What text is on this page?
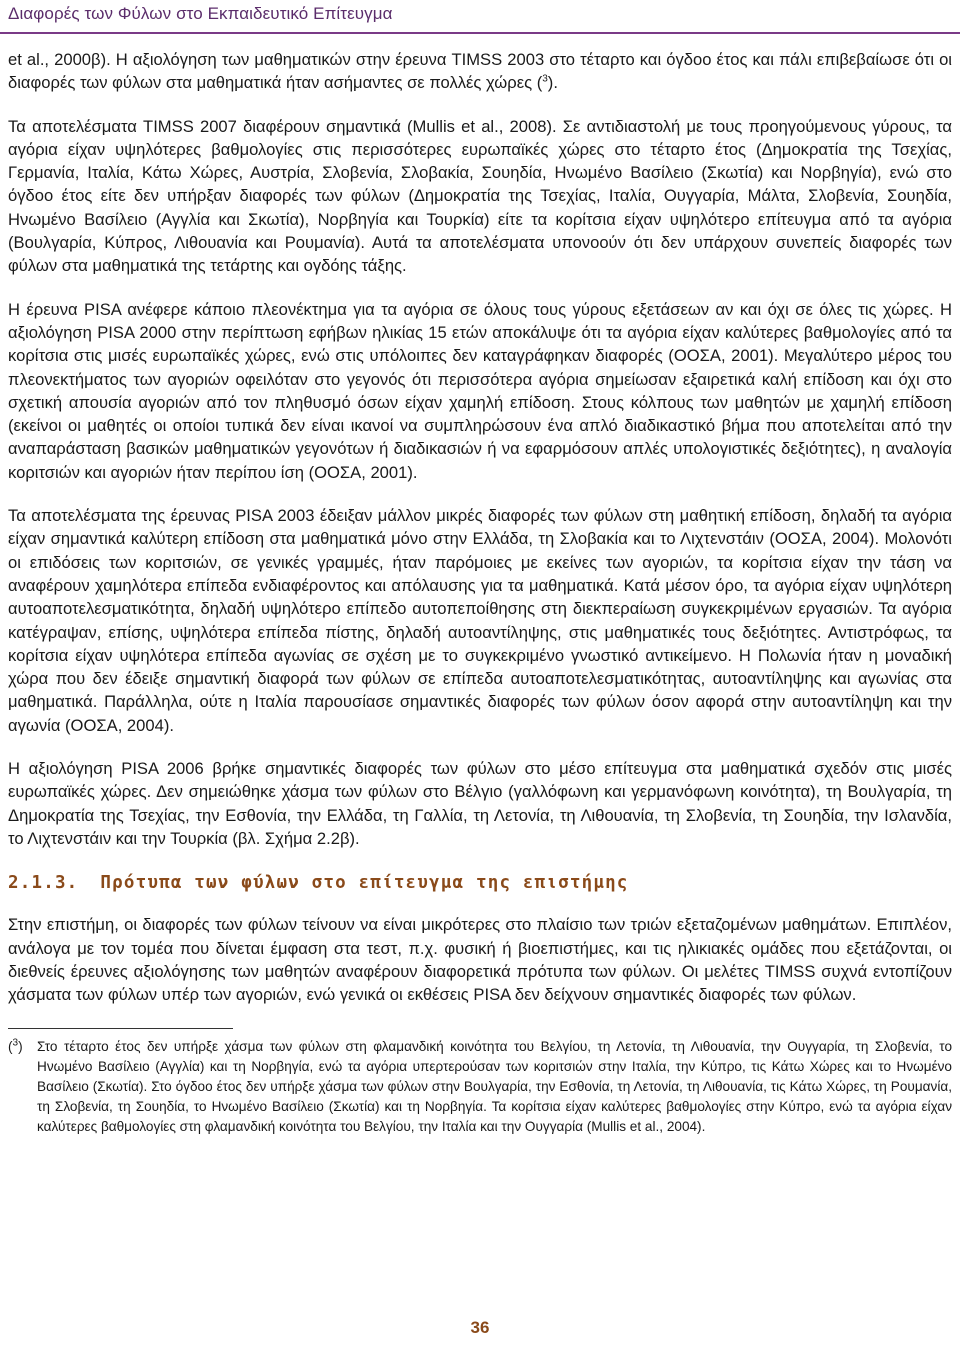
Διαφορές των Φύλων στο Εκπαιδευτικό Επίτευγμα

et al., 2000β). Η αξιολόγηση των μαθηματικών στην έρευνα TIMSS 2003 στο τέταρτο και όγδοο έτος και πάλι επιβεβαίωσε ότι οι διαφορές των φύλων στα μαθηματικά ήταν ασήμαντες σε πολλές χώρες ($^3$).

Τα αποτελέσματα TIMSS 2007 διαφέρουν σημαντικά (Mullis et al., 2008). Σε αντιδιαστολή με τους προηγούμενους γύρους, τα αγόρια είχαν υψηλότερες βαθμολογίες στις περισσότερες ευρωπαϊκές χώρες στο τέταρτο έτος (Δημοκρατία της Τσεχίας, Γερμανία, Ιταλία, Κάτω Χώρες, Αυστρία, Σλοβενία, Σλοβακία, Σουηδία, Ηνωμένο Βασίλειο (Σκωτία) και Νορβηγία), ενώ στο όγδοο έτος είτε δεν υπήρξαν διαφορές των φύλων (Δημοκρατία της Τσεχίας, Ιταλία, Ουγγαρία, Μάλτα, Σλοβενία, Σουηδία, Ηνωμένο Βασίλειο (Αγγλία και Σκωτία), Νορβηγία και Τουρκία) είτε τα κορίτσια είχαν υψηλότερο επίτευγμα από τα αγόρια (Βουλγαρία, Κύπρος, Λιθουανία και Ρουμανία). Αυτά τα αποτελέσματα υπονοούν ότι δεν υπάρχουν συνεπείς διαφορές των φύλων στα μαθηματικά της τετάρτης και ογδόης τάξης.

Η έρευνα PISA ανέφερε κάποιο πλεονέκτημα για τα αγόρια σε όλους τους γύρους εξετάσεων αν και όχι σε όλες τις χώρες. Η αξιολόγηση PISA 2000 στην περίπτωση εφήβων ηλικίας 15 ετών αποκάλυψε ότι τα αγόρια είχαν καλύτερες βαθμολογίες από τα κορίτσια στις μισές ευρωπαϊκές χώρες, ενώ στις υπόλοιπες δεν καταγράφηκαν διαφορές (ΟΟΣΑ, 2001). Μεγαλύτερο μέρος του πλεονεκτήματος των αγοριών οφειλόταν στο γεγονός ότι περισσότερα αγόρια σημείωσαν εξαιρετικά καλή επίδοση και όχι στο σχετική απουσία αγοριών από τον πληθυσμό όσων είχαν χαμηλή επίδοση. Στους κόλπους των μαθητών με χαμηλή επίδοση (εκείνοι οι μαθητές οι οποίοι τυπικά δεν είναι ικανοί να συμπληρώσουν ένα απλό διαδικαστικό βήμα που αποτελείται από την αναπαράσταση βασικών μαθηματικών γεγονότων ή διαδικασιών ή να εφαρμόσουν απλές υπολογιστικές δεξιότητες), η αναλογία κοριτσιών και αγοριών ήταν περίπου ίση (ΟΟΣΑ, 2001).

Τα αποτελέσματα της έρευνας PISA 2003 έδειξαν μάλλον μικρές διαφορές των φύλων στη μαθητική επίδοση, δηλαδή τα αγόρια είχαν σημαντικά καλύτερη επίδοση στα μαθηματικά μόνο στην Ελλάδα, τη Σλοβακία και το Λιχτενστάιν (ΟΟΣΑ, 2004). Μολονότι οι επιδόσεις των κοριτσιών, σε γενικές γραμμές, ήταν παρόμοιες με εκείνες των αγοριών, τα κορίτσια είχαν την τάση να αναφέρουν χαμηλότερα επίπεδα ενδιαφέροντος και απόλαυσης για τα μαθηματικά. Κατά μέσον όρο, τα αγόρια είχαν υψηλότερη αυτοαποτελεσματικότητα, δηλαδή υψηλότερο επίπεδο αυτοπεποίθησης στη διεκπεραίωση συγκεκριμένων εργασιών. Τα αγόρια κατέγραψαν, επίσης, υψηλότερα επίπεδα πίστης, δηλαδή αυτοαντίληψης, στις μαθηματικές τους δεξιότητες. Αντιστρόφως, τα κορίτσια είχαν υψηλότερα επίπεδα αγωνίας σε σχέση με το συγκεκριμένο γνωστικό αντικείμενο. Η Πολωνία ήταν η μοναδική χώρα που δεν έδειξε σημαντική διαφορά των φύλων σε επίπεδα αυτοαποτελεσματικότητας, αυτοαντίληψης και αγωνίας στα μαθηματικά. Παράλληλα, ούτε η Ιταλία παρουσίασε σημαντικές διαφορές των φύλων όσον αφορά στην αυτοαντίληψη και την αγωνία (ΟΟΣΑ, 2004).

Η αξιολόγηση PISA 2006 βρήκε σημαντικές διαφορές των φύλων στο μέσο επίτευγμα στα μαθηματικά σχεδόν στις μισές ευρωπαϊκές χώρες. Δεν σημειώθηκε χάσμα των φύλων στο Βέλγιο (γαλλόφωνη και γερμανόφωνη κοινότητα), τη Βουλγαρία, τη Δημοκρατία της Τσεχίας, την Εσθονία, την Ελλάδα, τη Γαλλία, τη Λετονία, τη Λιθουανία, τη Σλοβενία, τη Σουηδία, την Ισλανδία, το Λιχτενστάιν και την Τουρκία (βλ. Σχήμα 2.2β).

2.1.3. Πρότυπα των φύλων στο επίτευγμα της επιστήμης

Στην επιστήμη, οι διαφορές των φύλων τείνουν να είναι μικρότερες στο πλαίσιο των τριών εξεταζομένων μαθημάτων. Επιπλέον, ανάλογα με τον τομέα που δίνεται έμφαση στα τεστ, π.χ. φυσική ή βιοεπιστήμες, και τις ηλικιακές ομάδες που εξετάζονται, οι διεθνείς έρευνες αξιολόγησης των μαθητών αναφέρουν διαφορετικά πρότυπα των φύλων. Οι μελέτες TIMSS συχνά εντοπίζουν χάσματα των φύλων υπέρ των αγοριών, ενώ γενικά οι εκθέσεις PISA δεν δείχνουν σημαντικές διαφορές των φύλων.

($^3$) Στο τέταρτο έτος δεν υπήρξε χάσμα των φύλων στη φλαμανδική κοινότητα του Βελγίου, τη Λετονία, τη Λιθουανία, την Ουγγαρία, τη Σλοβενία, το Ηνωμένο Βασίλειο (Αγγλία) και τη Νορβηγία, ενώ τα αγόρια υπερτερούσαν των κοριτσιών στην Ιταλία, την Κύπρο, τις Κάτω Χώρες και το Ηνωμένο Βασίλειο (Σκωτία). Στο όγδοο έτος δεν υπήρξε χάσμα των φύλων στην Βουλγαρία, την Εσθονία, τη Λετονία, τη Λιθουανία, τις Κάτω Χώρες, τη Ρουμανία, τη Σλοβενία, τη Σουηδία, το Ηνωμένο Βασίλειο (Σκωτία) και τη Νορβηγία. Τα κορίτσια είχαν καλύτερες βαθμολογίες στην Κύπρο, ενώ τα αγόρια είχαν καλύτερες βαθμολογίες στη φλαμανδική κοινότητα του Βελγίου, την Ιταλία και την Ουγγαρία (Mullis et al., 2004).
36
